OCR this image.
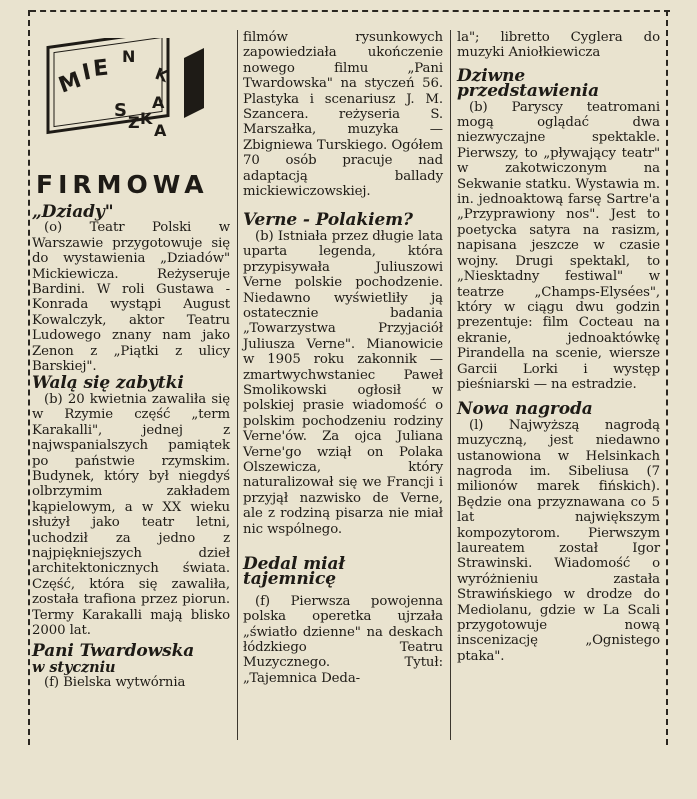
M
I
E N
K
A
S
Z K
A
FIRMOWA

„Dziady"

(o) Teatr Polski w Warszawie przygotowuje się do wystawienia „Dziadów" Mickiewicza. Reżyseruje Bardini. W roli Gustawa - Konrada wystąpi August Kowalczyk, aktor Teatru Ludowego znany nam jako Zenon z „Piątki z ulicy Barskiej".

Walą się zabytki

(b) 20 kwietnia zawaliła się w Rzymie część „term Karakalli", jednej z najwspanialszych pamiątek po państwie rzymskim. Budynek, który był niegdyś olbrzymim zakładem kąpielowym, a w XX wieku służył jako teatr letni, uchodził za jedno z najpiękniejszych dzieł architektonicznych świata. Część, która się zawaliła, została trafiona przez piorun. Termy Karakalli mają blisko 2000 lat.

Pani Twardowska

w styczniu

(f) Bielska wytwórnia

filmów rysunkowych zapowiedziała ukończenie nowego filmu „Pani Twardowska" na styczeń 56. Plastyka i scenariusz J. M. Szancera. reżyseria S. Marszałka, muzyka — Zbigniewa Turskiego. Ogółem 70 osób pracuje nad adaptacją ballady mickiewiczowskiej.

Verne - Polakiem?

(b) Istniała przez długie lata uparta legenda, która przypisywała Juliuszowi Verne polskie pochodzenie. Niedawno wyświetliły ją ostatecznie badania „Towarzystwa Przyjaciół Juliusza Verne". Mianowicie w 1905 roku zakonnik — zmartwychwstaniec Paweł Smolikowski ogłosił w polskiej prasie wiadomość o polskim pochodzeniu rodziny Verne'ów. Za ojca Juliana Verne'go wziął on Polaka Olszewicza, który naturalizował się we Francji i przyjął nazwisko de Verne, ale z rodziną pisarza nie miał nic wspólnego.

Dedal miał

tajemnicę

(f) Pierwsza powojenna polska operetka ujrzała „światło dzienne" na deskach łódzkiego Teatru Muzycznego. Tytuł: „Tajemnica Deda-

la"; libretto Cyglera do muzyki Aniołkiewicza

Dziwne

przedstawienia

(b) Paryscy teatromani mogą oglądać dwa niezwyczajne spektakle. Pierwszy, to „pływający teatr" w zakotwiczonym na Sekwanie statku. Wystawia m. in. jednoaktową farsę Sartre'a „Przyprawiony nos". Jest to poetycka satyra na rasizm, napisana jeszcze w czasie wojny. Drugi spektakl, to „Niesktadny festiwal" w teatrze „Champs-Elysées", który w ciągu dwu godzin prezentuje: film Cocteau na ekranie, jednoaktówkę Pirandella na scenie, wiersze Garcii Lorki i występ pieśniarski — na estradzie.

Nowa nagroda

(l) Najwyższą nagrodą muzyczną, jest niedawno ustanowiona w Helsinkach nagroda im. Sibeliusa (7 milionów marek fińskich). Będzie ona przyznawana co 5 lat największym kompozytorom. Pierwszym laureatem został Igor Strawinski. Wiadomość o wyróżnieniu zastała Strawińskiego w drodze do Mediolanu, gdzie w La Scali przygotowuje nową inscenizację „Ognistego ptaka".
